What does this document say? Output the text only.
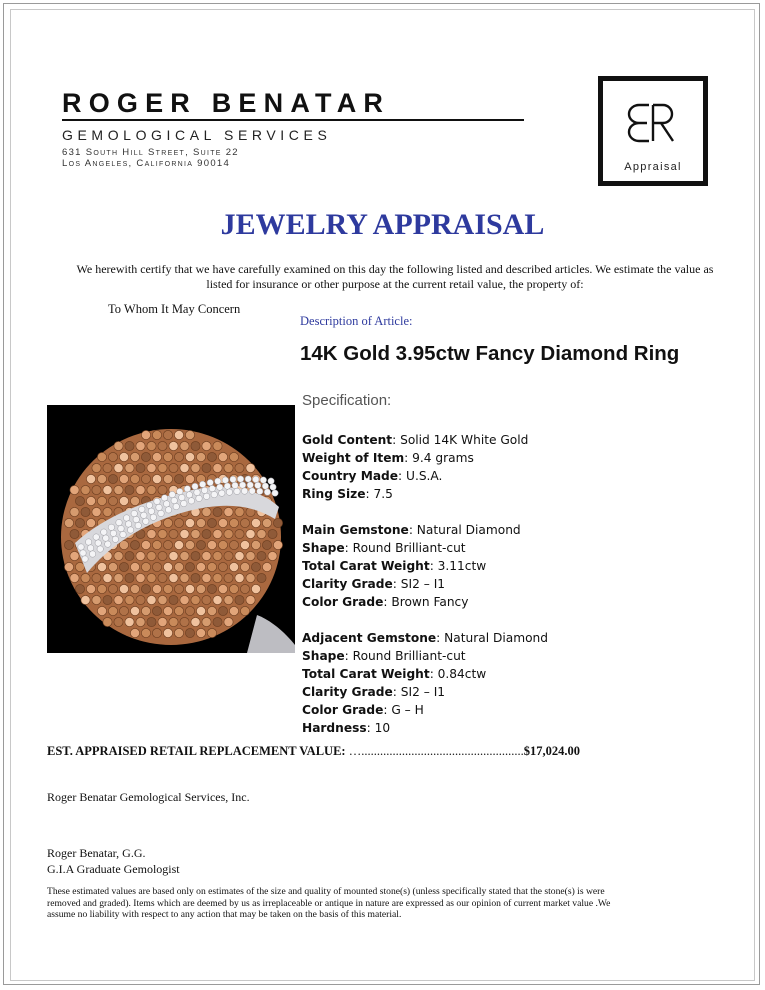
ROGER BENATAR
GEMOLOGICAL SERVICES
631 South Hill Street, Suite 22
Los Angeles, California 90014	Appraisal
JEWELRY APPRAISAL
We herewith certify that we have carefully examined on this day the following listed and described articles. We estimate the value as listed for insurance or other purpose at the current retail value, the property of:
To Whom It May Concern
Description of Article:
14K Gold 3.95ctw Fancy Diamond Ring
Specification:
Gold Content: Solid 14K White Gold
Weight of Item: 9.4 grams
Country Made: U.S.A.
Ring Size: 7.5
Main Gemstone: Natural Diamond
Shape: Round Brilliant-cut
Total Carat Weight: 3.11ctw
Clarity Grade: SI2 – I1
Color Grade: Brown Fancy
Adjacent Gemstone: Natural Diamond
Shape: Round Brilliant-cut
Total Carat Weight: 0.84ctw
Clarity Grade: SI2 – I1
Color Grade: G – H
Hardness: 10
EST. APPRAISED RETAIL REPLACEMENT VALUE: …....................................................$17,024.00
Roger Benatar Gemological Services, Inc.
Roger Benatar, G.G.
G.I.A Graduate Gemologist
These estimated values are based only on estimates of the size and quality of mounted stone(s) (unless specifically stated that the stone(s) is were removed and graded). Items which are deemed by us as irreplaceable or antique in nature are expressed as our opinion of current market value .We assume no liability with respect to any action that may be taken on the basis of this material.
